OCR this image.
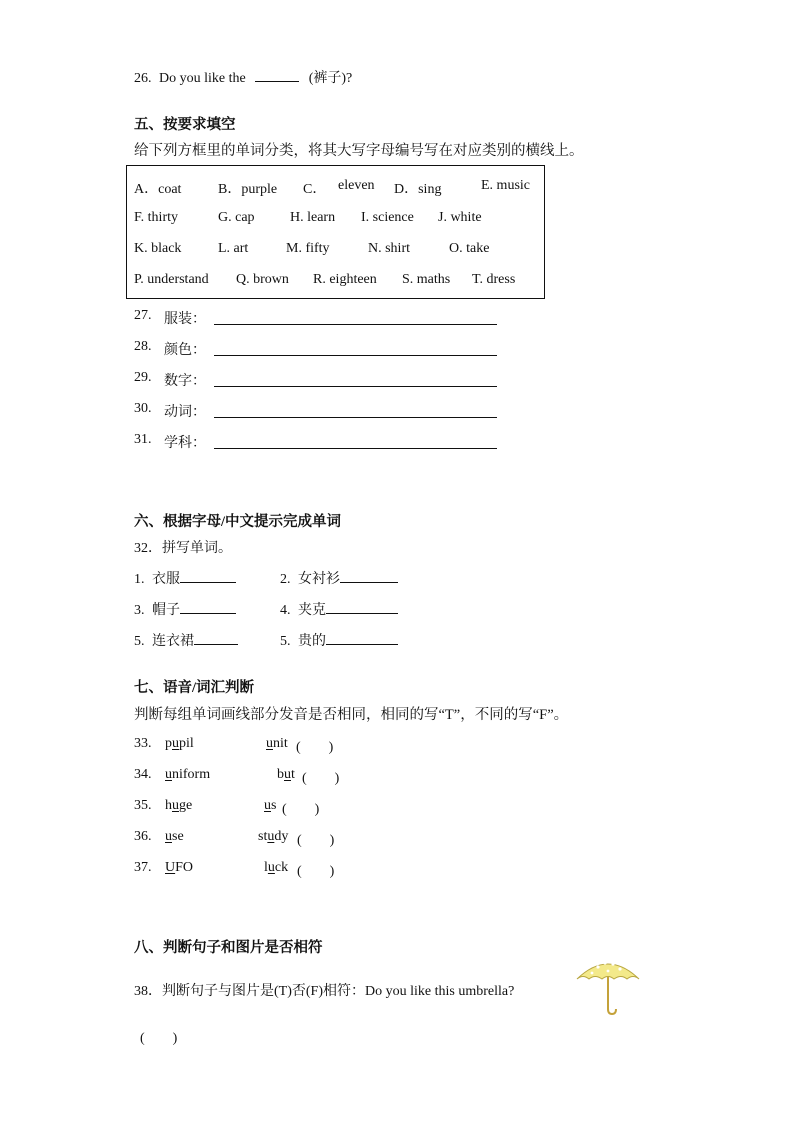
26. Do you like the	(裤子)?
五、按要求填空
给下列方框里的单词分类，将其大写字母编号写在对应类别的横线上。
A．coat	B．purple C． eleven D．sing	E. music
F. thirty	G. cap	H. learn I. science J. white
K. black	L. art	M. fifty	N. shirt	O. take
P. understand Q. brown R. eighteen S. maths T. dress
27. 服装：
28. 颜色：
29. 数字：
30. 动词：
31. 学科：
六、根据字母/中文提示完成单词
32．拼写单词。
1. 衣服	2. 女衬衫
3. 帽子	4. 夹克
5. 连衣裙	5. 贵的
七、语音/词汇判断
判断每组单词画线部分发音是否相同，相同的写“T”，不同的写“F”。
33. pupil	unit (　　)
34. uniform	but (　　)
35. huge	us (　　)
36. use	study (　　)
37. UFO	luck (　　)
八、判断句子和图片是否相符
38．判断句子与图片是(T)否(F)相符：Do you like this umbrella?
(　　)
